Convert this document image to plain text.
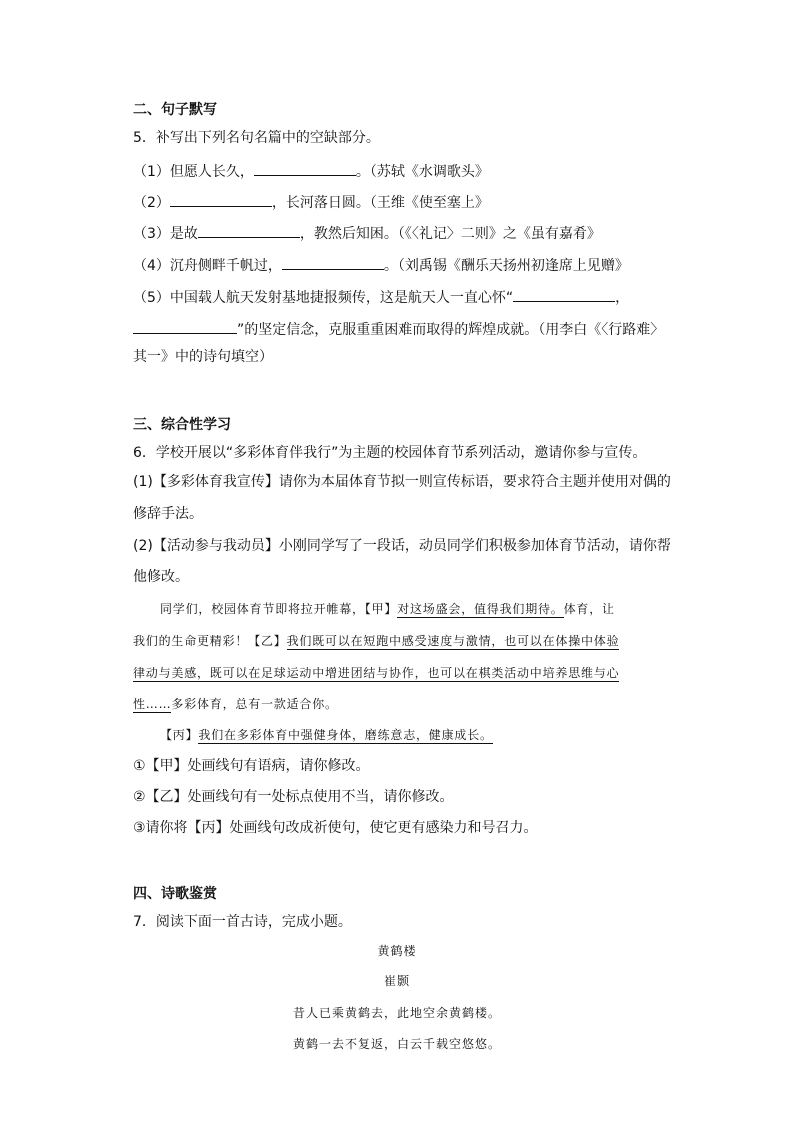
二、句子默写
5．补写出下列名句名篇中的空缺部分。
（1）但愿人长久，	。（苏轼《水调歌头》
（2）	，长河落日圆。（王维《使至塞上》
（3）是故	，教然后知困。（《〈礼记〉二则》之《虽有嘉肴》
（4）沉舟侧畔千帆过，	。（刘禹锡《酬乐天扬州初逢席上见赠》
（5）中国载人航天发射基地捷报频传，这是航天人一直心怀“	，
”的坚定信念，克服重重困难而取得的辉煌成就。（用李白《〈行路难〉
其一》中的诗句填空）
三、综合性学习
6．学校开展以“多彩体育伴我行”为主题的校园体育节系列活动，邀请你参与宣传。
(1)【多彩体育我宣传】请你为本届体育节拟一则宣传标语，要求符合主题并使用对偶的
修辞手法。
(2)【活动参与我动员】小刚同学写了一段话，动员同学们积极参加体育节活动，请你帮
他修改。
同学们，校园体育节即将拉开帷幕，【甲】对这场盛会，值得我们期待。体育，让
我们的生命更精彩！【乙】我们既可以在短跑中感受速度与激情，也可以在体操中体验
律动与美感，既可以在足球运动中增进团结与协作，也可以在棋类活动中培养思维与心
性……多彩体育，总有一款适合你。
【丙】我们在多彩体育中强健身体，磨练意志，健康成长。
①【甲】处画线句有语病，请你修改。
②【乙】处画线句有一处标点使用不当，请你修改。
③请你将【丙】处画线句改成祈使句，使它更有感染力和号召力。
四、诗歌鉴赏
7．阅读下面一首古诗，完成小题。
黄鹤楼
崔颢
昔人已乘黄鹤去，此地空余黄鹤楼。
黄鹤一去不复返，白云千载空悠悠。
